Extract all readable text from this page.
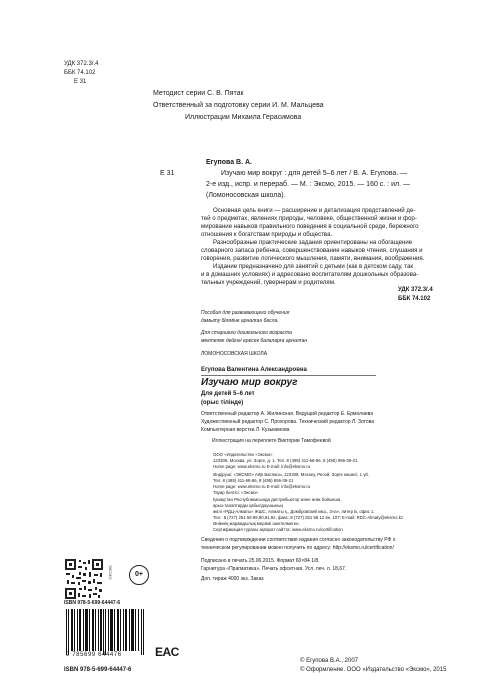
УДК 372.3/.4
ББК 74.102
Е 31
Методист серии С. В. Пятак
Ответственный за подготовку серии И. М. Мальцева
Иллюстрации Михаила Герасимова
Егупова В. А.
Е 31	Изучаю мир вокруг : для детей 5–6 лет / В. А. Егупова. —
2-е изд., испр. и перераб. — М. : Эксмо, 2015. — 160 с. : ил. —
(Ломоносовская школа).
Основная цель книги — расширение и детализация представлений де-
тей о предметах, явлениях природы, человеке, общественной жизни и фор-
мирование навыков правильного поведения в социальной среде, бережного
отношения к богатствам природы и общества.
Разнообразные практические задания ориентированы на обогащение
словарного запаса ребенка, совершенствование навыков чтения, слушания и
говорения, развитие логического мышления, памяти, внимания, воображения.
Издание предназначено для занятий с детьми (как в детском саду, так
и в домашних условиях) и адресовано воспитателям дошкольных образова-
тельных учреждений, гувернерам и родителям.
УДК 372.3/.4
ББК 74.102
Пособия для развивающего обучения
дамыту біліміне арналған басла.
Для старшего дошкольного возраста
мектепке дейінгі ересек балаларға арналған
ЛОМОНОСОВСКАЯ ШКОЛА
Егупова Валентина Александровна
Изучаю мир вокруг
Для детей 5–6 лет
(орыс тілінде)
Ответственный редактор А. Жилинская. Ведущий редактор Е. Ермолаева
Художественный редактор С. Прохорова. Технический редактор Л. Зотова
Компьютерная верстка Л. Кузьминова
Иллюстрация на переплете Виктории Тимофеевой
ООО «Издательство «Эксмо»
123308, Москва, ул. Зорге, д. 1. Тел. 8 (495) 411-68-86, 8 (495) 956-39-21.
Home page: www.eksmo.ru E-mail: info@eksmo.ru
Өндіруші: «ЭКСМО» АҚБ Баспасы, 123308, Мәскеу, Ресей, Зорге көшесі, 1 үй.
Тел. 8 (495) 411-68-86, 8 (495) 956-39-21
Home page: www.eksmo.ru E-mail: info@eksmo.ru
Тауар белгісі: «Эксмо»
Қазақстан Республикасында дистрибьютор және өнім бойынша
арыз-талаптарды қабылдаушының
өкілі «РДЦ-Алматы» ЖШС, Алматы қ., Домбровский көш., 3«а», литер Б, офис 1.
Тел.: 8 (727) 251 59 89,90,91,92, факс: 8 (727) 251 58 12 вн. 107; E-mail: RDC-Almaty@eksmo.kz
Өнімнің жарамдылық мерзімі шектелмеген.
Сертификация туралы ақпарат сайтта: www.eksmo.ru/certification
Сведения о подтверждении соответствия издания согласно законодательству РФ о
техническом регулировании можно получить по адресу: http://eksmo.ru/certification/
ЭКСМО	0+
Подписано в печать 25.06.2015. Формат 60×84 1/8.
Гарнитура «Прагматика». Печать офсетная. Усл. печ. л. 18,67.
Доп. тираж 4000 экз. Заказ
ISBN 978-5-699-64447-6
9 785699 644476	EAC
ISBN 978-5-699-64447-6
© Егупова В.А., 2007
© Оформление. ООО «Издательство «Эксмо», 2015
